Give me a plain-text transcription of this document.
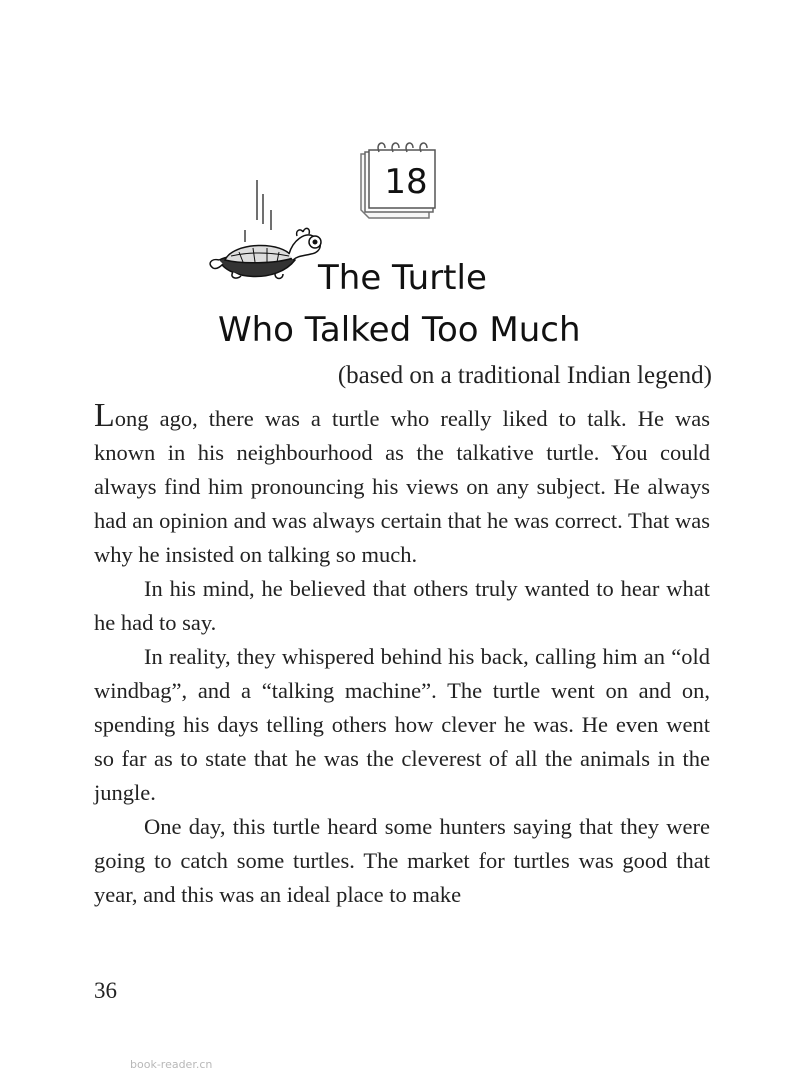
18
The Turtle
Who Talked Too Much
(based on a traditional Indian legend)

Long ago, there was a turtle who really liked to talk. He was known in his neighbourhood as the talkative turtle. You could always find him pronouncing his views on any subject. He always had an opinion and was always certain that he was correct. That was why he insisted on talking so much.

In his mind, he believed that others truly wanted to hear what he had to say.

In reality, they whispered behind his back, calling him an “old windbag”, and a “talking machine”. The turtle went on and on, spending his days telling others how clever he was. He even went so far as to state that he was the cleverest of all the animals in the jungle.

One day, this turtle heard some hunters saying that they were going to catch some turtles. The market for turtles was good that year, and this was an ideal place to make

36
book-reader.cn
